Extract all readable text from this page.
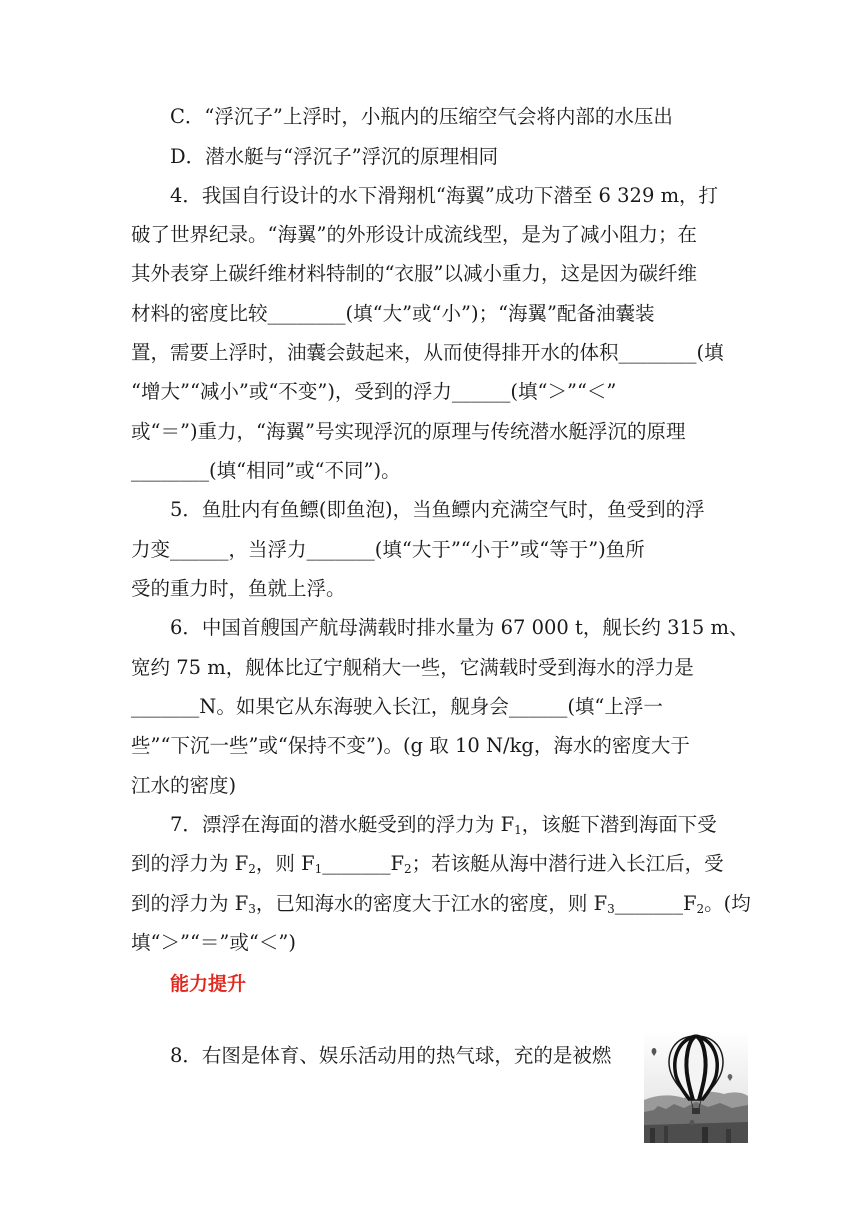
C．“浮沉子”上浮时，小瓶内的压缩空气会将内部的水压出
D．潜水艇与“浮沉子”浮沉的原理相同
4．我国自行设计的水下滑翔机“海翼”成功下潜至 6 329 m，打
破了世界纪录。“海翼”的外形设计成流线型，是为了减小阻力；在
其外表穿上碳纤维材料特制的“衣服”以减小重力，这是因为碳纤维
材料的密度比较________(填“大”或“小”)；“海翼”配备油囊装
置，需要上浮时，油囊会鼓起来，从而使得排开水的体积________(填
“增大”“减小”或“不变”)，受到的浮力______(填“＞”“＜”
或“＝”)重力，“海翼”号实现浮沉的原理与传统潜水艇浮沉的原理
________(填“相同”或“不同”)。
5．鱼肚内有鱼鳔(即鱼泡)，当鱼鳔内充满空气时，鱼受到的浮
力变______，当浮力_______(填“大于”“小于”或“等于”)鱼所
受的重力时，鱼就上浮。
6．中国首艘国产航母满载时排水量为 67 000 t，舰长约 315 m、
宽约 75 m，舰体比辽宁舰稍大一些，它满载时受到海水的浮力是
_______N。如果它从东海驶入长江，舰身会______(填“上浮一
些”“下沉一些”或“保持不变”)。(g 取 10 N/kg，海水的密度大于
江水的密度)
7．漂浮在海面的潜水艇受到的浮力为 $F_1$，该艇下潜到海面下受
到的浮力为 $F_2$，则 $F_1\_\_\_\_\_\_\_F_2$；若该艇从海中潜行进入长江后，受
到的浮力为 $F_3$，已知海水的密度大于江水的密度，则 $F_3\_\_\_\_\_\_\_F_2$。(均
填“＞”“＝”或“＜”)
能力提升
8．右图是体育、娱乐活动用的热气球，充的是被燃
